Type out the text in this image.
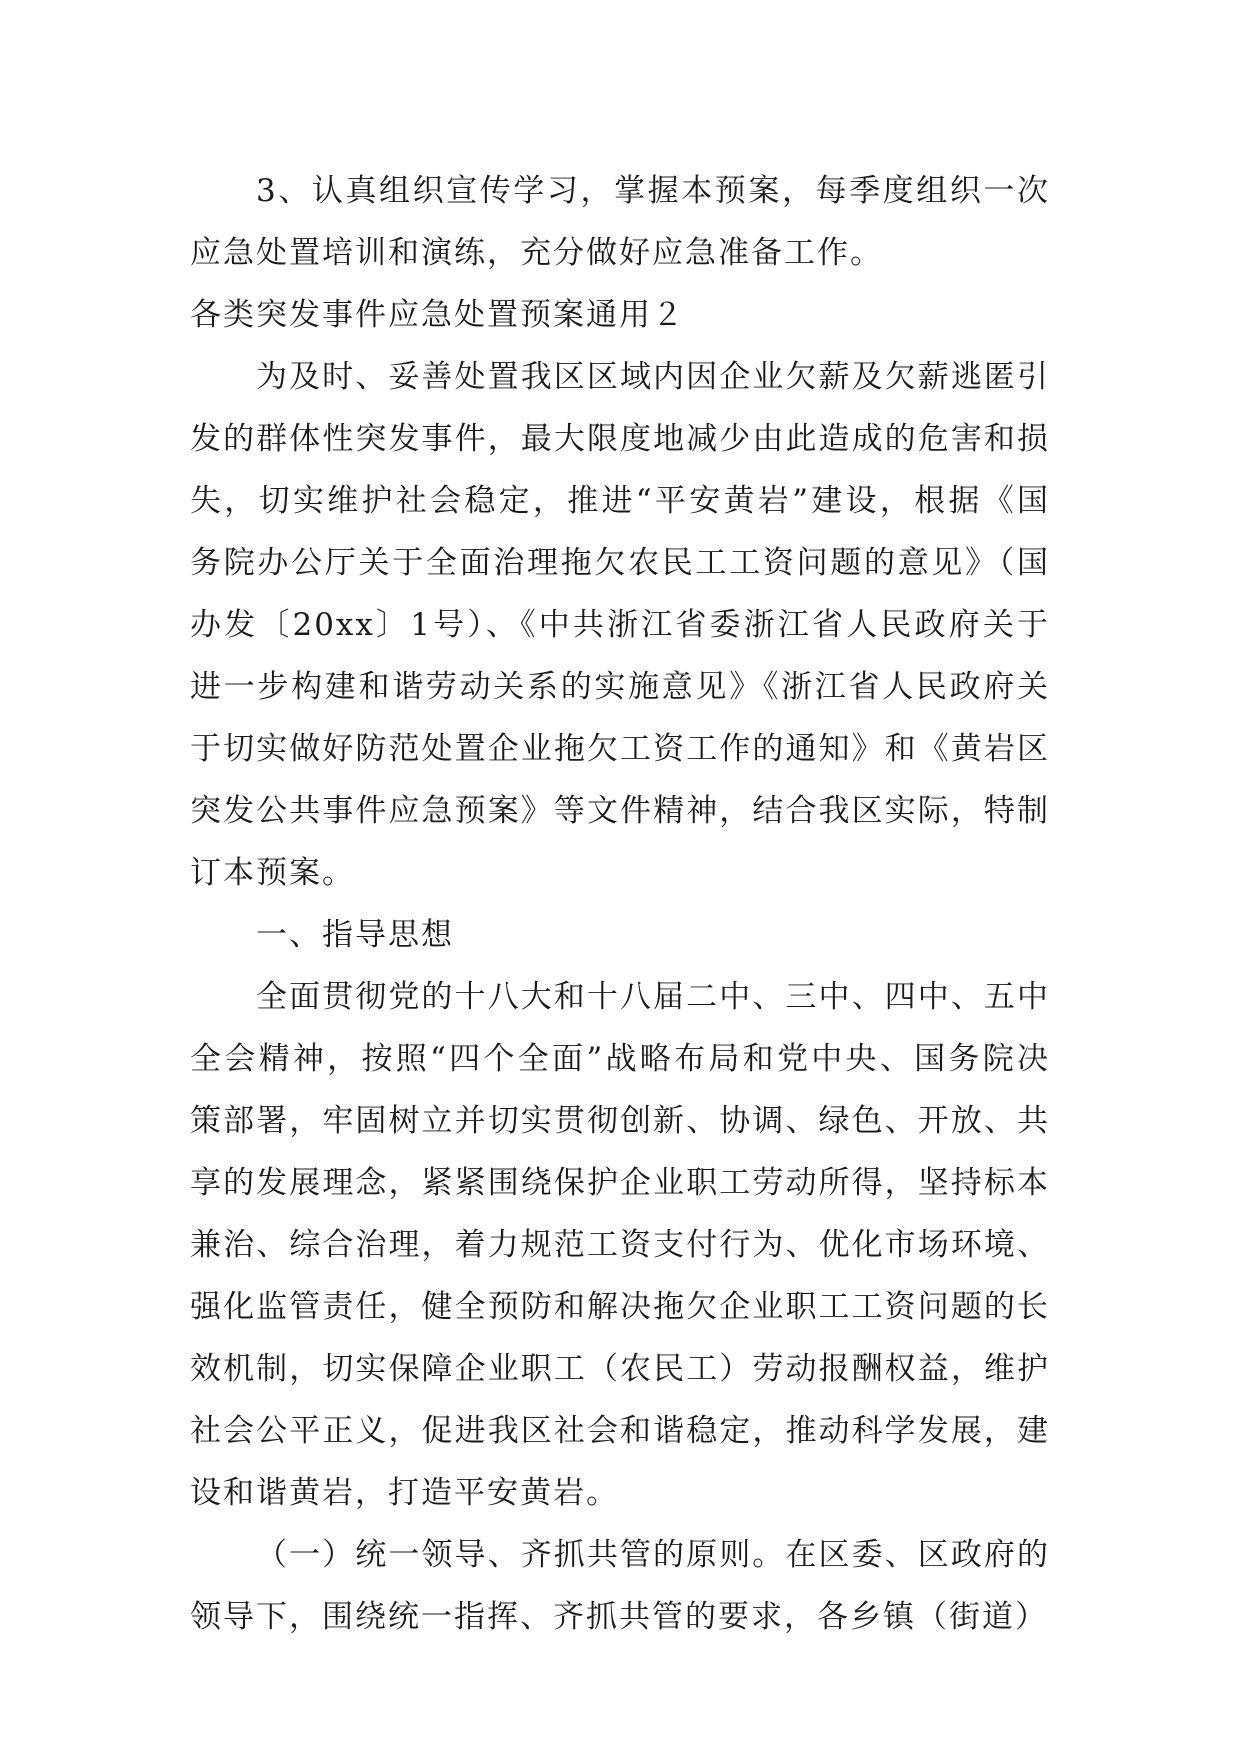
3、认真组织宣传学习，掌握本预案，每季度组织一次应急处置培训和演练，充分做好应急准备工作。

各类突发事件应急处置预案通用２

为及时、妥善处置我区区域内因企业欠薪及欠薪逃匿引发的群体性突发事件，最大限度地减少由此造成的危害和损失，切实维护社会稳定，推进“平安黄岩”建设，根据《国务院办公厅关于全面治理拖欠农民工工资问题的意见》（国办发〔20xx〕1号）、《中共浙江省委浙江省人民政府关于进一步构建和谐劳动关系的实施意见》《浙江省人民政府关于切实做好防范处置企业拖欠工资工作的通知》和《黄岩区突发公共事件应急预案》等文件精神，结合我区实际，特制订本预案。

一、指导思想

全面贯彻党的十八大和十八届二中、三中、四中、五中全会精神，按照“四个全面”战略布局和党中央、国务院决策部署，牢固树立并切实贯彻创新、协调、绿色、开放、共享的发展理念，紧紧围绕保护企业职工劳动所得，坚持标本兼治、综合治理，着力规范工资支付行为、优化市场环境、强化监管责任，健全预防和解决拖欠企业职工工资问题的长效机制，切实保障企业职工（农民工）劳动报酬权益，维护社会公平正义，促进我区社会和谐稳定，推动科学发展，建设和谐黄岩，打造平安黄岩。

（一）统一领导、齐抓共管的原则。在区委、区政府的领导下，围绕统一指挥、齐抓共管的要求，各乡镇（街道）
